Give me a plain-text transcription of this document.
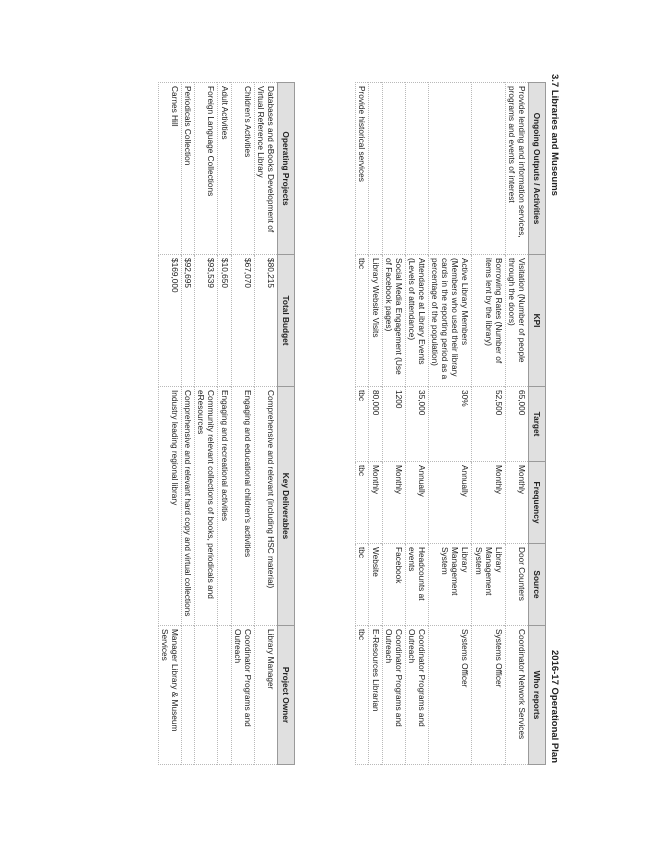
3.7 Libraries and Museums
2016-17 Operational Plan
Ongoing Outputs / Activities	KPI	Target	Frequency	Source	Who reports
Provide lending and information services, programs and events of interest	Visitation (Number of people through the doors)	65,000	Monthly	Door Counters	Coordinator Network Services
	Borrowing Rates (Number of items lent by the library)	52,500	Monthly	Library Management System	Systems Officer
	Active Library Members (Members who used their library cards in the reporting period as a percentage of the population)	30%	Annually	Library Management System	Systems Officer
	Attendance at Library Events (Levels of attendance)	35,000	Annually	Headcounts at events	Coordinator Programs and Outreach
	Social Media Engagement (Use of Facebook pages)	1200	Monthly	Facebook	Coordinator Programs and Outreach
	Library Website Visits	80,000	Monthly	Website	E-Resources Librarian
Provide historical services	tbc	tbc	tbc	tbc	tbc
Operating Projects	Total Budget	Key Deliverables	Project Owner
Databases and eBooks Development of Virtual Reference Library	$80,215	Comprehensive and relevant (including HSC material)	Library Manager
Children's Activities	$67,070	Engaging and educational children's activities	Coordinator Programs and Outreach
Adult Activities	$10,650	Engaging and recreational activities	
Foreign Language Collections	$93,539	Community relevant collections of books, periodicals and eResources	
Periodicals Collection	$92,695	Comprehensive and relevant hard copy and virtual collections	
Carnes Hill	$169,000	Industry leading regional library	Manager Library & Museum Services
